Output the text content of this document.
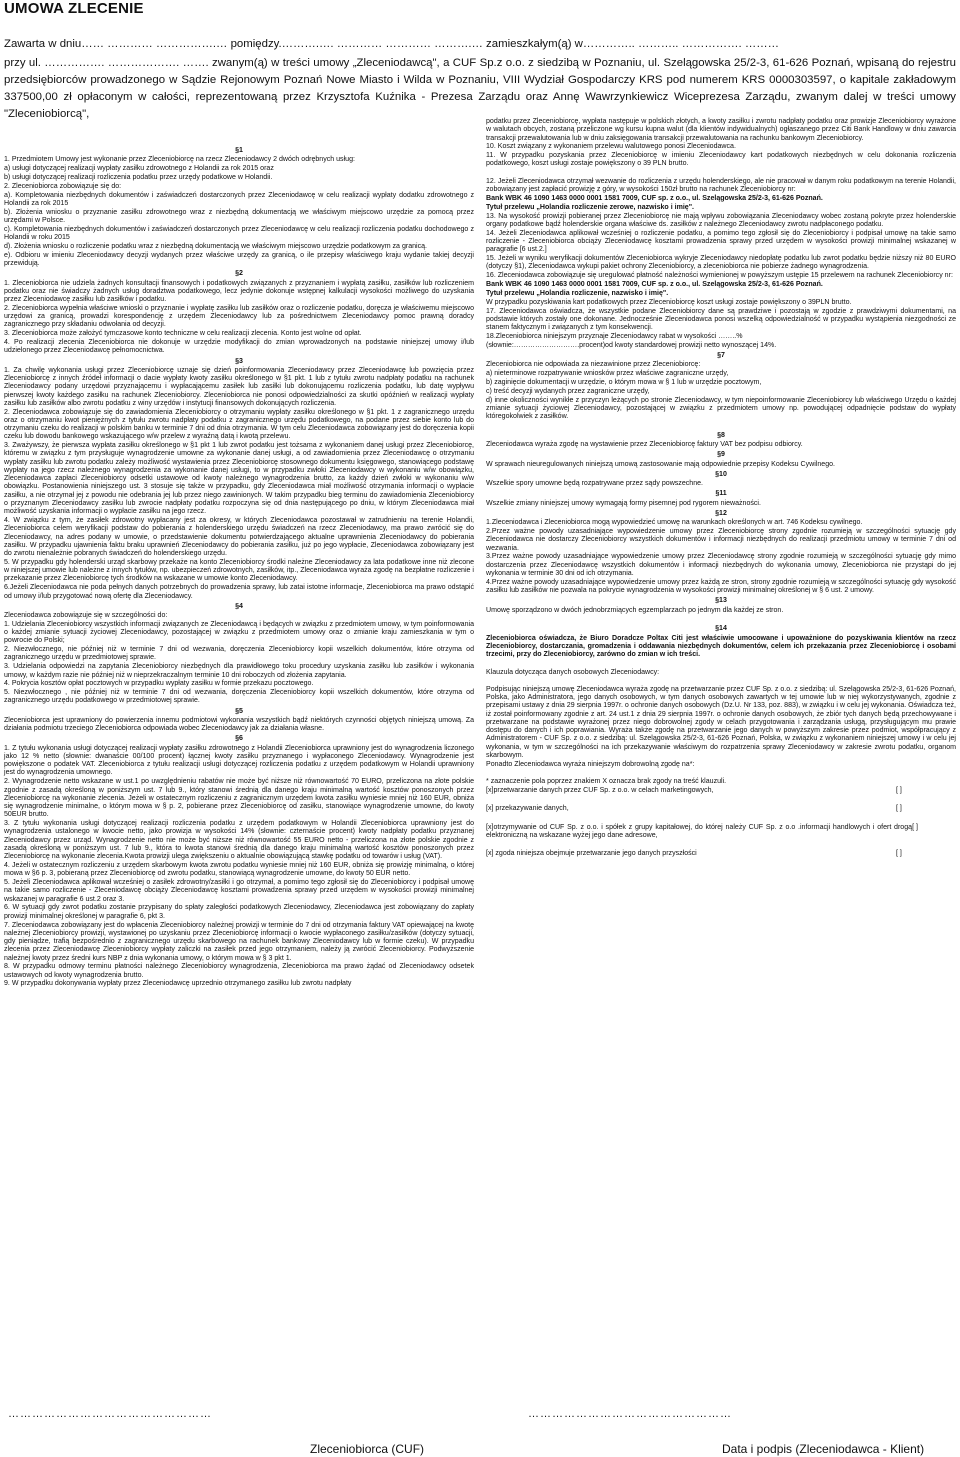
UMOWA ZLECENIE

Zawarta w dniu…… ………… …………….… pomiędzy.……….…. ………… ………… ……….… zamieszkałym(ą) w………….. ……….. ……………. ………

przy ul. ……………. ………………. ……. zwanym(ą) w treści umowy „Zleceniodawcą", a CUF Sp.z o.o. z siedzibą w Poznaniu, ul. Szelągowska 25/2-3, 61-626 Poznań, wpisaną do rejestru przedsiębiorców prowadzonego w Sądzie Rejonowym Poznań Nowe Miasto i Wilda w Poznaniu, VIII Wydział Gospodarczy KRS pod numerem KRS 0000303597, o kapitale zakładowym 337500,00 zł opłaconym w całości, reprezentowaną przez Krzysztofa Kuźnika - Prezesa Zarządu oraz Annę Wawrzynkiewicz Wiceprezesa Zarządu, zwanym dalej w treści umowy "Zleceniobiorcą",

§1

1. Przedmiotem Umowy jest wykonanie przez Zleceniobiorcę na rzecz Zleceniodawcy 2 dwóch odrębnych usług:

a) usługi dotyczącej realizacji wypłaty zasiłku zdrowotnego z Holandii za rok 2015 oraz

b) usługi dotyczącej realizacji rozliczenia podatku przez urzędy podatkowe w Holandii.

2. Zleceniobiorca zobowiązuje się do:

a). Kompletowania niezbędnych dokumentów i zaświadczeń dostarczonych przez Zleceniodawcę w celu realizacji wypłaty dodatku zdrowotnego z Holandii za rok 2015

b). Złożenia wniosku o przyznanie zasiłku zdrowotnego wraz z niezbędną dokumentacją we właściwym miejscowo urzędzie za pomocą przez urzędami w Polsce.

c). Kompletowania niezbędnych dokumentów i zaświadczeń dostarczonych przez Zleceniodawcę w celu realizacji rozliczenia podatku dochodowego z Holandii w roku 2015

d). Złożenia wniosku o rozliczenie podatku wraz z niezbędną dokumentacją we właściwym miejscowo urzędzie podatkowym za granicą.

e). Odbioru w imieniu Zleceniodawcy decyzji wydanych przez właściwe urzędy za granicą, o ile przepisy właściwego kraju wydanie takiej decyzji przewidują.

§2

1. Zleceniobiorca nie udziela żadnych konsultacji finansowych i podatkowych związanych z przyznaniem i wypłatą zasiłku, zasiłków lub rozliczeniem podatku oraz nie świadczy żadnych usług doradztwa podatkowego, lecz jedynie dokonuje wstępnej kalkulacji wysokości możliwego do uzyskania przez Zleceniodawcę zasiłku lub zasiłków i podatku.

2. Zleceniobiorca wypełnia właściwe wnioski o przyznanie i wypłatę zasiłku lub zasiłków oraz o rozliczenie podatku, doręcza je właściwemu miejscowo urzędowi za granicą, prowadzi korespondencję z urzędem Zleceniodawcy lub za pośrednictwem Zleceniodawcy pomoc prawną doradcy zagranicznego przy składaniu odwołania od decyzji.

3. Zleceniobiorca może założyć tymczasowe konto techniczne w celu realizacji zlecenia. Konto jest wolne od opłat.

4. Po realizacji zlecenia Zleceniobiorca nie dokonuje w urzędzie modyfikacji do zmian wprowadzonych na podstawie niniejszej umowy i/lub udzielonego przez Zleceniodawcę pełnomocnictwa.

§3

1. Za chwilę wykonania usługi przez Zleceniobiorcę uznaje się dzień poinformowania Zleceniodawcy przez Zleceniodawcę lub powzięcia przez Zleceniobiorcę z innych źródeł informacji o dacie wypłaty kwoty zasiłku określonego w §1 pkt. 1 lub z tytułu zwrotu nadpłaty podatku na rachunek Zleceniodawcy podany urzędowi przyznającemu i wypłacającemu zasiłek lub zasiłki lub dokonującemu rozliczenia podatku, lub datę wypływu pierwszej kwoty każdego zasiłku na rachunek Zleceniobiorcy. Zleceniobiorca nie ponosi odpowiedzialności za skutki opóźnień w realizacji wypłaty zasiłku lub zasiłków albo zwrotu podatku z winy urzędów i instytucji finansowych dokonujących rozliczenia.

2. Zleceniodawca zobowiązuje się do zawiadomienia Zleceniobiorcy o otrzymaniu wypłaty zasiłku określonego w §1 pkt. 1 z zagranicznego urzędu oraz o otrzymaniu kwot pieniężnych z tytułu zwrotu nadpłaty podatku z zagranicznego urzędu podatkowego, na podane przez siebie konto lub do otrzymaniu czeku do realizacji w polskim banku w terminie 7 dni od dnia otrzymania. W tym celu Zleceniodawca zobowiązany jest do doręczenia kopii czeku lub dowodu bankowego wskazującego w/w przelew z wyraźną datą i kwotą przelewu.

3. Zważywszy, że pierwsza wypłata zasiłku określonego w §1 pkt 1 lub zwrot podatku jest tożsama z wykonaniem danej usługi przez Zleceniobiorcę, któremu w związku z tym przysługuje wynagrodzenie umowne za wykonanie danej usługi, a od zawiadomienia przez Zleceniodawcę o otrzymaniu wypłaty zasiłku lub zwrotu podatku zależy możliwość wystawienia przez Zleceniobiorcę stosownego dokumentu księgowego, stanowiącego podstawę wypłaty na jego rzecz należnego wynagrodzenia za wykonanie danej usługi, to w przypadku zwłoki Zleceniodawcy w wykonaniu w/w obowiązku, Zleceniodawca zapłaci Zleceniobiorcy odsetki ustawowe od kwoty należnego wynagrodzenia brutto, za każdy dzień zwłoki w wykonaniu w/w obowiązku. Postanowienia niniejszego ust. 3 stosuje się także w przypadku, gdy Zleceniodawca miał możliwość otrzymania informacji o wypłacie zasiłku, a nie otrzymał jej z powodu nie odebrania jej lub przez niego zawinionych. W takim przypadku bieg terminu do zawiadomienia Zleceniobiorcy o przyznanym Zleceniodawcy zasiłku lub zwrocie nadpłaty podatku rozpoczyna się od dnia następującego po dniu, w którym Zleceniodawca miał możliwość uzyskania informacji o wypłacie zasiłku na jego rzecz.

4. W związku z tym, że zasiłek zdrowotny wypłacany jest za okresy, w których Zleceniodawca pozostawał w zatrudnieniu na terenie Holandii, Zleceniobiorca celem weryfikacji podstaw do pobierania z holenderskiego urzędu świadczeń na rzecz Zleceniodawcy, ma prawo zwrócić się do Zleceniodawcy, na adres podany w umowie, o przedstawienie dokumentu potwierdzającego aktualne uprawnienia Zleceniodawcy do pobierania zasiłku. W przypadku ujawnienia faktu braku uprawnień Zleceniodawcy do pobierania zasiłku, już po jego wypłacie, Zleceniodawca zobowiązany jest do zwrotu nienależnie pobranych świadczeń do holenderskiego urzędu.

5. W przypadku gdy holenderski urząd skarbowy przekaże na konto Zleceniobiorcy środki należne Zleceniodawcy za lata podatkowe inne niż zlecone w niniejszej umowie lub należne z innych tytułów, np. ubezpieczeń zdrowotnych, zasiłków, itp., Zleceniodawca wyraża zgodę na bezpłatne rozliczenie i przekazanie przez Zleceniobiorcę tych środków na wskazane w umowie konto Zleceniodawcy.

6.Jeżeli Zleceniodawca nie poda pełnych danych potrzebnych do prowadzenia sprawy, lub zatai istotne informacje, Zleceniobiorca ma prawo odstąpić od umowy i/lub przygotować nową ofertę dla Zleceniodawcy.

§4

Zleceniodawca zobowiązuje się w szczególności do:

1. Udzielania Zleceniobiorcy wszystkich informacji związanych ze Zleceniodawcą i będących w związku z przedmiotem umowy, w tym poinformowania o każdej zmianie sytuacji życiowej Zleceniodawcy, pozostającej w związku z przedmiotem umowy oraz o zmianie kraju zamieszkania w tym o powrocie do Polski;

2. Niezwłocznego, nie później niż w terminie 7 dni od wezwania, doręczenia Zleceniobiorcy kopii wszelkich dokumentów, które otrzyma od zagranicznego urzędu w przedmiotowej sprawie.

3. Udzielania odpowiedzi na zapytania Zleceniobiorcy niezbędnych dla prawidłowego toku procedury uzyskania zasiłku lub zasiłków i wykonania umowy, w każdym razie nie później niż w nieprzekraczalnym terminie 10 dni roboczych od złożenia zapytania.

4. Pokrycia kosztów opłat pocztowych w przypadku wypłaty zasiłku w formie przekazu pocztowego.

5. Niezwłocznego , nie później niż w terminie 7 dni od wezwania, doręczenia Zleceniobiorcy kopii wszelkich dokumentów, które otrzyma od zagranicznego urzędu podatkowego w przedmiotowej sprawie.

§5

Zleceniobiorca jest uprawniony do powierzenia innemu podmiotowi wykonania wszystkich bądź niektórych czynności objętych niniejszą umową. Za działania podmiotu trzeciego Zleceniobiorca odpowiada wobec Zleceniodawcy jak za działania własne.

§6

1. Z tytułu wykonania usługi dotyczącej realizacji wypłaty zasiłku zdrowotnego z Holandii Zleceniobiorca uprawniony jest do wynagrodzenia liczonego jako 12 % netto (słownie: dwanaście 00/100 procent) łącznej kwoty zasiłku przyznanego i wypłaconego Zleceniodawcy. Wynagrodzenie jest powiększone o podatek VAT. Zleceniobiorca z tytułu realizacji usługi dotyczącej rozliczenia podatku z urzędem podatkowym w Holandii uprawniony jest do wynagrodzenia umownego.

2. Wynagrodzenie netto wskazane w ust.1 po uwzględnieniu rabatów nie może być niższe niż równowartość 70 EURO, przeliczona na złote polskie zgodnie z zasadą określoną w poniższym ust. 7 lub 9., który stanowi średnią dla danego kraju minimalną wartość kosztów ponoszonych przez Zleceniobiorcę na wykonanie zlecenia. Jeżeli w ostatecznym rozliczeniu z zagranicznym urzędem kwota zasiłku wyniesie mniej niż 160 EUR, obniża się wynagrodzenie minimalne, o którym mowa w § p. 2, pobierane przez Zleceniobiorcę od zasiłku, stanowiące wynagrodzenie umowne, do kwoty 50EUR brutto.

3. Z tytułu wykonania usługi dotyczącej realizacji rozliczenia podatku z urzędem podatkowym w Holandii Zleceniobiorca uprawniony jest do wynagrodzenia ustalonego w kwocie netto, jako prowizja w wysokości 14% (słownie: czternaście procent) kwoty nadpłaty podatku przyznanej Zleceniodawcy przez urząd. Wynagrodzenie netto nie może być niższe niż równowartość 55 EURO netto - przeliczona na złote polskie zgodnie z zasadą określoną w poniższym ust. 7 lub 9., która to kwota stanowi średnią dla danego kraju minimalną wartość kosztów ponoszonych przez Zleceniobiorcę na wykonanie zlecenia.Kwota prowizji ulega zwiększeniu o aktualnie obowiązującą stawkę podatku od towarów i usług (VAT).

4. Jeżeli w ostatecznym rozliczeniu z urzędem skarbowym kwota zwrotu podatku wyniesie mniej niż 160 EUR, obniża się prowizję minimalną, o której mowa w §6 p. 3, pobieraną przez Zleceniobiorcę od zwrotu podatku, stanowiącą wynagrodzenie umowne, do kwoty 50 EUR netto.

5. Jeżeli Zleceniodawca aplikował wcześniej o zasiłek zdrowotny/zasiłki i go otrzymał, a pomimo tego zgłosił się do Zleceniobiorcy i podpisał umowę na takie samo rozliczenie - Zleceniodawcę obciąży Zleceniodawcę kosztami prowadzenia sprawy przed urzędem w wysokości prowizji minimalnej wskazanej w paragrafie 6 ust.2 oraz 3.

6. W sytuacji gdy zwrot podatku zostanie przypisany do spłaty zaległości podatkowych Zleceniodawcy, Zleceniodawca jest zobowiązany do zapłaty prowizji minimalnej określonej w paragrafie 6, pkt 3.

7. Zleceniodawca zobowiązany jest do wpłacenia Zleceniobiorcy należnej prowizji w terminie do 7 dni od otrzymania faktury VAT opiewającej na kwotę należnej Zleceniobiorcy prowizji, wystawionej po uzyskaniu przez Zleceniobiorcę informacji o kwocie wypłaconego zasiłku/zasiłków (dotyczy sytuacji, gdy pieniądze, trafią bezpośrednio z zagranicznego urzędu skarbowego na rachunek bankowy Zleceniodawcy lub w formie czeku). W przypadku zlecenia przez Zleceniodawcę Zleceniobiorcy wypłaty zaliczki na zasiłek przed jego otrzymaniem, należy ją zwrócić Zleceniobiorcy. Podwyższenie należnej kwoty przez średni kurs NBP z dnia wykonania umowy, o którym mowa w § 3 pkt 1.

8. W przypadku odmowy terminu płatności należnego Zleceniobiorcy wynagrodzenia, Zleceniobiorca ma prawo żądać od Zleceniodawcy odsetek ustawowych od kwoty wynagrodzenia brutto.

9. W przypadku dokonywania wypłaty przez Zleceniodawcę uprzednio otrzymanego zasiłku lub zwrotu nadpłaty

podatku przez Zleceniobiorcę, wypłata następuje w polskich złotych, a kwoty zasiłku i zwrotu nadpłaty podatku oraz prowizje Zleceniobiorcy wyrażone w walutach obcych, zostaną przeliczone wg kursu kupna walut (dla klientów indywidualnych) ogłaszanego przez Citi Bank Handlowy w dniu zawarcia transakcji przewalutowania lub w dniu zaksięgowania transakcji przewalutowania na rachunku bankowym Zleceniobiorcy.

10. Koszt związany z wykonaniem przelewu walutowego ponosi Zleceniodawca.

11. W przypadku pozyskania przez Zleceniobiorcę w imieniu Zleceniodawcy kart podatkowych niezbędnych w celu dokonania rozliczenia podatkowego, koszt usługi zostaje powiększony o 39 PLN brutto.

12. Jeżeli Zleceniodawca otrzymał wezwanie do rozliczenia z urzędu holenderskiego, ale nie pracował w danym roku podatkowym na terenie Holandii, zobowiązany jest zapłacić prowizję z góry, w wysokości 150zł brutto na rachunek Zleceniobiorcy nr:

Bank WBK 46 1090 1463 0000 0001 1581 7009, CUF sp. z o.o., ul. Szelągowska 25/2-3, 61-626 Poznań.

Tytuł przelewu „Holandia rozliczenie zerowe, nazwisko i imię".

13. Na wysokość prowizji pobieranej przez Zleceniobiorcę nie mają wpływu zobowiązania Zleceniodawcy wobec zostaną pokryte przez holenderskie organy podatkowe bądź holenderskie organa właściwe ds. zasiłków z należnego Zleceniodawcy zwrotu nadpłaconego podatku.

14. Jeżeli Zleceniodawca aplikował wcześniej o rozliczenie podatku, a pomimo tego zgłosił się do Zleceniobiorcy i podpisał umowę na takie samo rozliczenie - Zleceniobiorca obciąży Zleceniodawcę kosztami prowadzenia sprawy przed urzędem w wysokości prowizji minimalnej wskazanej w paragrafie [6 ust.2.]

15. Jeżeli w wyniku weryfikacji dokumentów Zleceniobiorca wykryje Zleceniodawcy niedopłatę podatku lub zwrot podatku będzie niższy niż 80 EURO (dotyczy §1), Zleceniodawca wykupi pakiet ochrony Zleceniobiorcy, a zleceniobiorca nie pobierze żadnego wynagrodzenia.

16. Zleceniodawca zobowiązuje się uregulować płatność należności wymienionej w powyższym ustępie 15 przelewem na rachunek Zleceniobiorcy nr:

Bank WBK 46 1090 1463 0000 0001 1581 7009, CUF sp. z o.o., ul. Szelągowska 25/2-3, 61-626 Poznań.

Tytuł przelewu „Holandia rozliczenie, nazwisko i imię".

W przypadku pozyskiwania kart podatkowych przez Zleceniobiorcę koszt usługi zostaje powiększony o 39PLN brutto.

17. Zleceniodawca oświadcza, że wszystkie podane Zleceniobiorcy dane są prawdziwe i pozostają w zgodzie z prawdziwymi dokumentami, na podstawie których zostały one dokonane. Jednocześnie Zleceniodawca ponosi wszelką odpowiedzialność w przypadku wystąpienia niezgodności ze stanem faktycznym i związanych z tym konsekwencji.

18.Zleceniobiorca niniejszym przyznaje Zleceniodawcy rabat w wysokości ……..%

(słownie:……………………….procent)od kwoty standardowej prowizji netto wynoszącej 14%.

§7

Zleceniobiorca nie odpowiada za niezawinione przez Zleceniobiorcę:

a) nieterminowe rozpatrywanie wniosków przez właściwe zagraniczne urzędy,

b) zaginięcie dokumentacji w urzędzie, o którym mowa w § 1 lub w urzędzie pocztowym,

c) treść decyzji wydanych przez zagraniczne urzędy,

d) inne okoliczności wynikłe z przyczyn leżących po stronie Zleceniodawcy, w tym niepoinformowanie Zleceniobiorcy lub właściwego Urzędu o każdej zmianie sytuacji życiowej Zleceniodawcy, pozostającej w związku z przedmiotem umowy np. powodującej odpadnięcie podstaw do wypłaty któregokolwiek z zasiłków.

§8

Zleceniodawca wyraża zgodę na wystawienie przez Zleceniobiorcę faktury VAT bez podpisu odbiorcy.

§9

W sprawach nieuregulowanych niniejszą umową zastosowanie mają odpowiednie przepisy Kodeksu Cywilnego.

§10

Wszelkie spory umowne będą rozpatrywane przez sądy powszechne.

§11

Wszelkie zmiany niniejszej umowy wymagają formy pisemnej pod rygorem nieważności.

§12

1.Zleceniodawca i Zleceniobiorca mogą wypowiedzieć umowę na warunkach określonych w art. 746 Kodeksu cywilnego.

2.Przez ważne powody uzasadniające wypowiedzenie umowy przez Zleceniobiorcę strony zgodnie rozumieją w szczególności sytuację gdy Zleceniodawca nie dostarczy Zleceniobiorcy wszystkich dokumentów i informacji niezbędnych do realizacji przedmiotu umowy w terminie 7 dni od wezwania.

3.Przez ważne powody uzasadniające wypowiedzenie umowy przez Zleceniodawcę strony zgodnie rozumieją w szczególności sytuację gdy mimo dostarczenia przez Zleceniodawcę wszystkich dokumentów i informacji niezbędnych do wykonania umowy, Zleceniobiorca nie przystąpi do jej wykonania w terminie 30 dni od ich otrzymania.

4.Przez ważne powody uzasadniające wypowiedzenie umowy przez każdą ze stron, strony zgodnie rozumieją w szczególności sytuację gdy wysokość zasiłku lub zasiłków nie pozwala na pokrycie wynagrodzenia w wysokości prowizji minimalnej określonej w § 6 ust. 2 umowy.

§13

Umowę sporządzono w dwóch jednobrzmiących egzemplarzach po jednym dla każdej ze stron.

§14

Zleceniobiorca oświadcza, że Biuro Doradcze Poltax Citi jest właściwie umocowane i upoważnione do pozyskiwania klientów na rzecz Zleceniobiorcy, dostarczania, gromadzenia i oddawania niezbędnych dokumentów, celem ich przekazania przez Zleceniobiorcę i osobami trzecimi, przy do Zleceniobiorcy, zarówno do zmian w ich treści.

Klauzula dotycząca danych osobowych Zleceniodawcy:

Podpisując niniejszą umowę Zleceniodawca wyraża zgodę na przetwarzanie przez CUF Sp. z o.o. z siedzibą: ul. Szelągowska 25/2-3, 61-626 Poznań, Polska, jako Administratora, jego danych osobowych, w tym danych osobowych zawartych w tej umowie lub w niej wykorzystywanych, zgodnie z przepisami ustawy z dnia 29 sierpnia 1997r. o ochronie danych osobowych (Dz.U. Nr 133, poz. 883), w związku i w celu jej wykonania. Oświadcza też, iż został poinformowany zgodnie z art. 24 ust.1 z dnia 29 sierpnia 1997r. o ochronie danych osobowych, że zbiór tych danych będą przechowywane i przetwarzane na podstawie wyrażonej przez niego dobrowolnej zgody w celach przygotowania i zarządzania usługą, przysługującym mu prawie dostępu do danych i ich poprawiania. Wyraża także zgodę na przetwarzanie jego danych w powyższym zakresie przez podmiot, współpracujący z Administratorem - CUF Sp. z o.o. z siedzibą: ul. Szelągowska 25/2-3, 61-626 Poznań, Polska, w związku z wykonaniem niniejszej umowy i w celu jej wykonania, w tym w szczególności na ich przekazywanie właściwym do rozpatrzenia sprawy Zleceniodawcy w zakresie zwrotu podatku, organom skarbowym.

Ponadto Zleceniodawca wyraża niniejszym dobrowolną zgodę na*:

* zaznaczenie pola poprzez znakiem X oznacza brak zgody na treść klauzuli.

[x]przetwarzanie danych przez CUF Sp. z o.o. w celach marketingowych,	[ ]

[x] przekazywanie danych,	[ ]

[x]otrzymywanie od CUF Sp. z o.o. i spółek z grupy kapitałowej, do której należy CUF Sp. z o.o .informacji handlowych i ofert drogą elektroniczną na wskazane wyżej jego dane adresowe,
[ ]

[x] zgoda niniejsza obejmuje przetwarzanie jego danych przyszłości	[ ]

……………………………………………	……………………………………………
Zleceniobiorca (CUF)	Data i podpis (Zleceniodawca - Klient)
